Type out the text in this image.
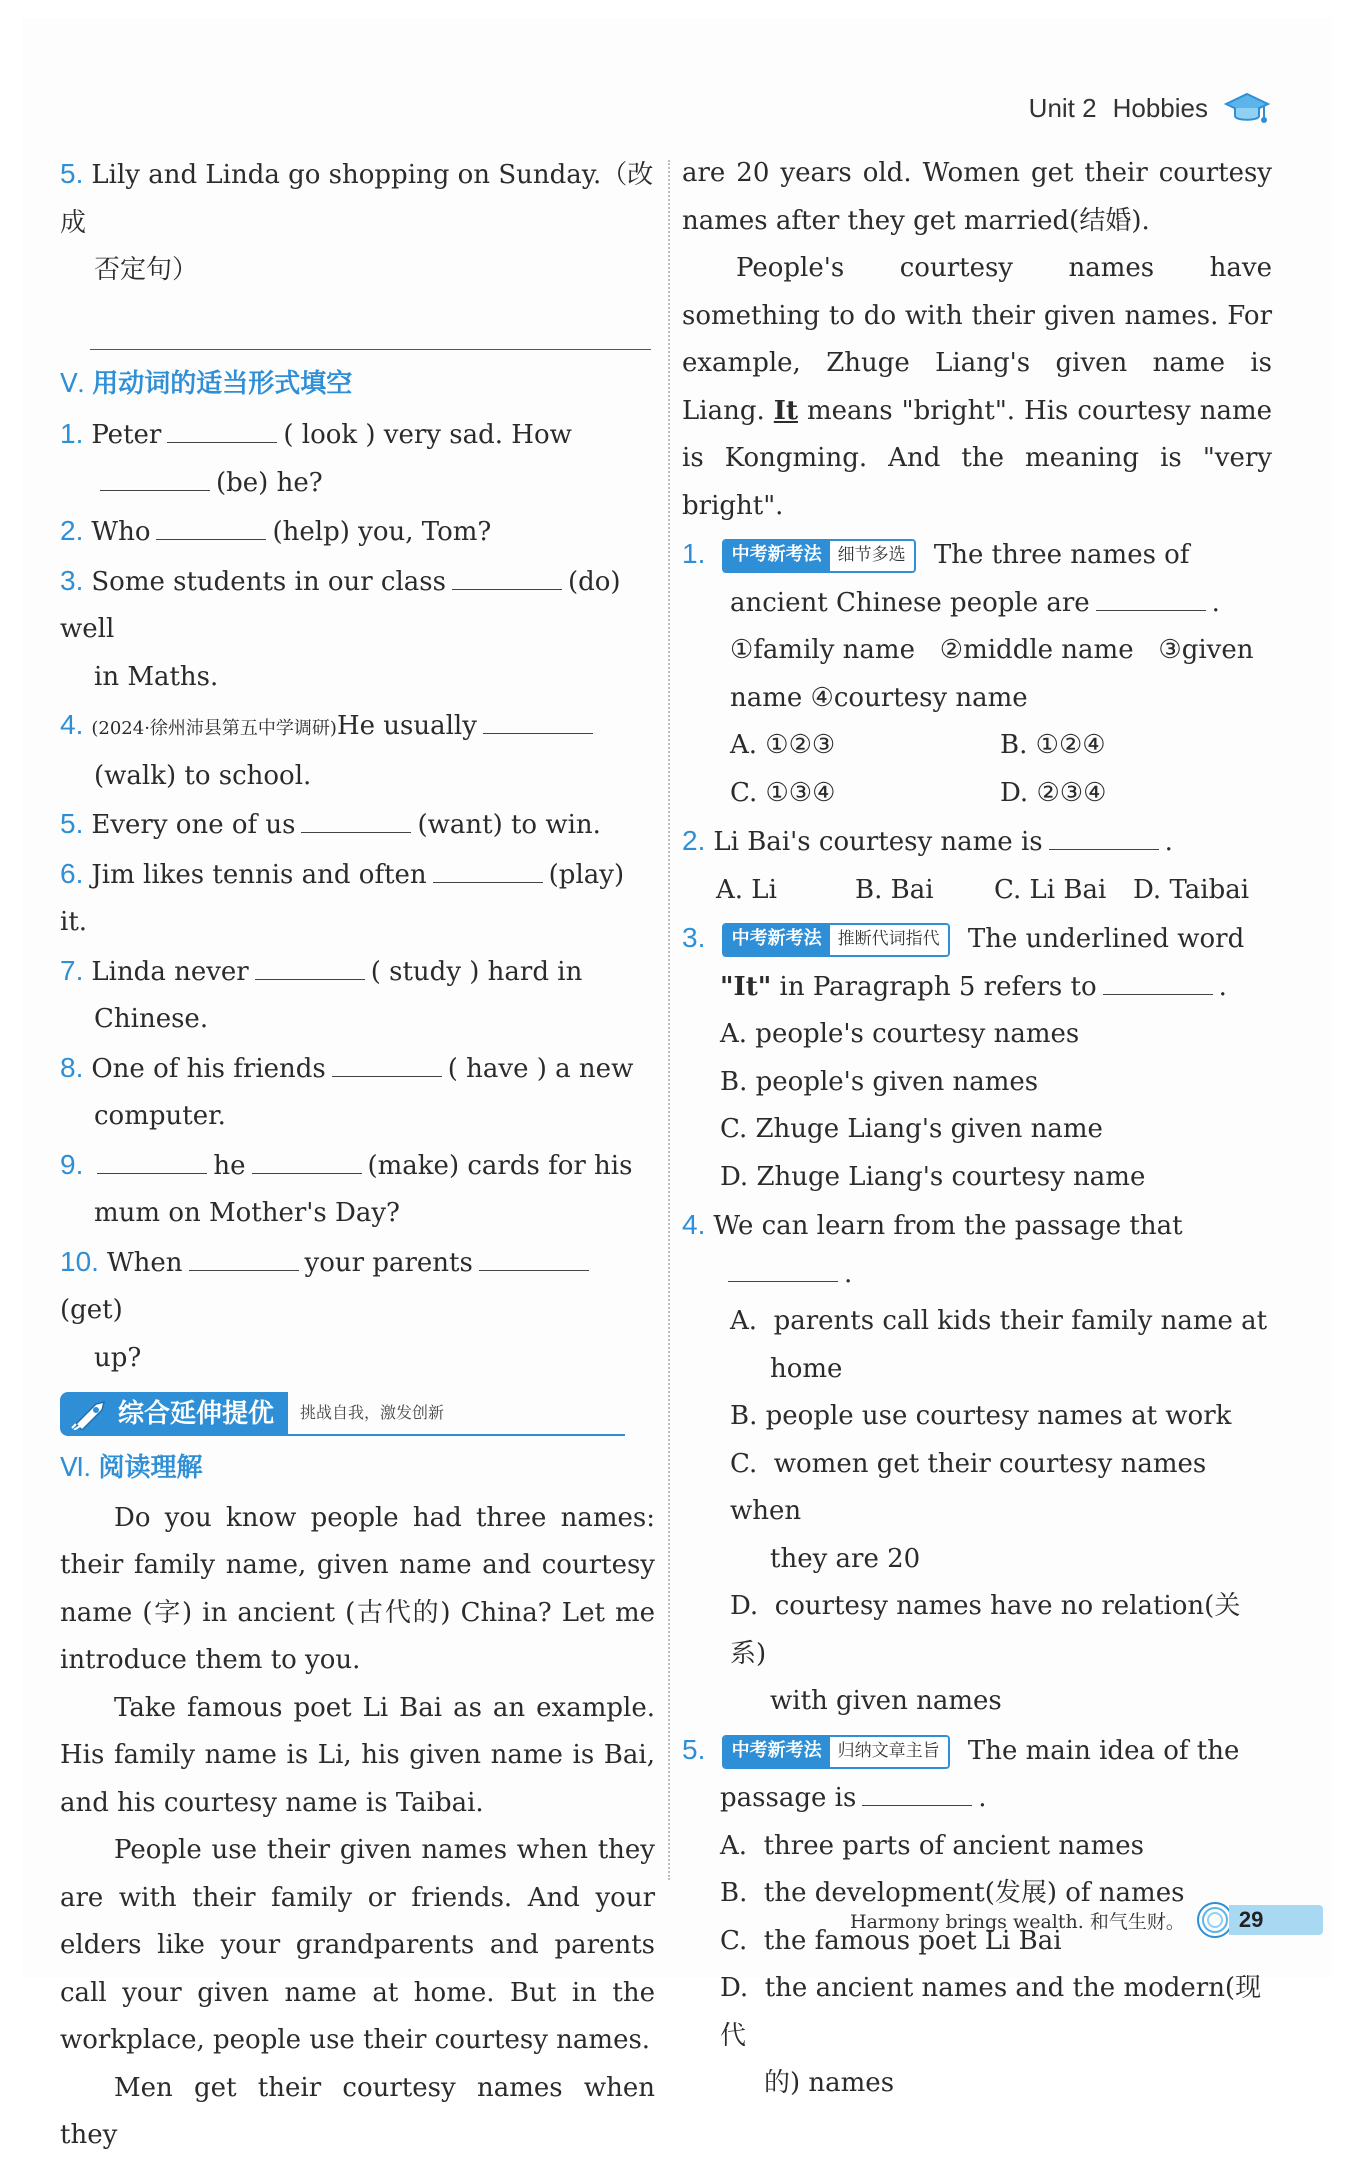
Unit 2 Hobbies

5. Lily and Linda go shopping on Sunday.（改成

否定句）

Ⅴ. 用动词的适当形式填空

1. Peter	( look ) very sad. How

(be) he?

2. Who	(help) you, Tom?

3. Some students in our class	(do) well

in Maths.

4. (2024·徐州沛县第五中学调研)He usually

(walk) to school.

5. Every one of us	(want) to win.

6. Jim likes tennis and often	(play) it.

7. Linda never	( study ) hard in

Chinese.

8. One of his friends	( have ) a new

computer.

9.	he	(make) cards for his

mum on Mother's Day?

10. When	your parents(get)

up?

综合延伸提优	挑战自我，激发创新

Ⅵ. 阅读理解

Do you know people had three names: their family name, given name and courtesy name (字) in ancient (古代的) China? Let me introduce them to you.

Take famous poet Li Bai as an example. His family name is Li, his given name is Bai, and his courtesy name is Taibai.

People use their given names when they are with their family or friends. And your elders like your grandparents and parents call your given name at home. But in the workplace, people use their courtesy names.

Men get their courtesy names when they

are 20 years old. Women get their courtesy names after they get married(结婚).

People's courtesy names have something to do with their given names. For example, Zhuge Liang's given name is Liang. It means "bright". His courtesy name is Kongming. And the meaning is "very bright".

1.	中考新考法 细节多选	The three names of

ancient Chinese people are	.

①family name ②middle name ③given

name ④courtesy name

A. ①②③	B. ①②④
C. ①③④	D. ②③④

2. Li Bai's courtesy name is	.

A. Li	B. Bai	C. Li Bai	D. Taibai

3.	中考新考法 推断代词指代	The underlined word

"It" in Paragraph 5 refers to	.

A. people's courtesy names

B. people's given names

C. Zhuge Liang's given name

D. Zhuge Liang's courtesy name

4. We can learn from the passage that

.

A. parents call kids their family name at

home

B. people use courtesy names at work

C. women get their courtesy names when

they are 20

D. courtesy names have no relation(关系)

with given names

5.	中考新考法 归纳文章主旨	The main idea of the

passage is	.

A. three parts of ancient names

B. the development(发展) of names

C. the famous poet Li Bai

D. the ancient names and the modern(现代

的) names

Harmony brings wealth. 和气生财。	29
